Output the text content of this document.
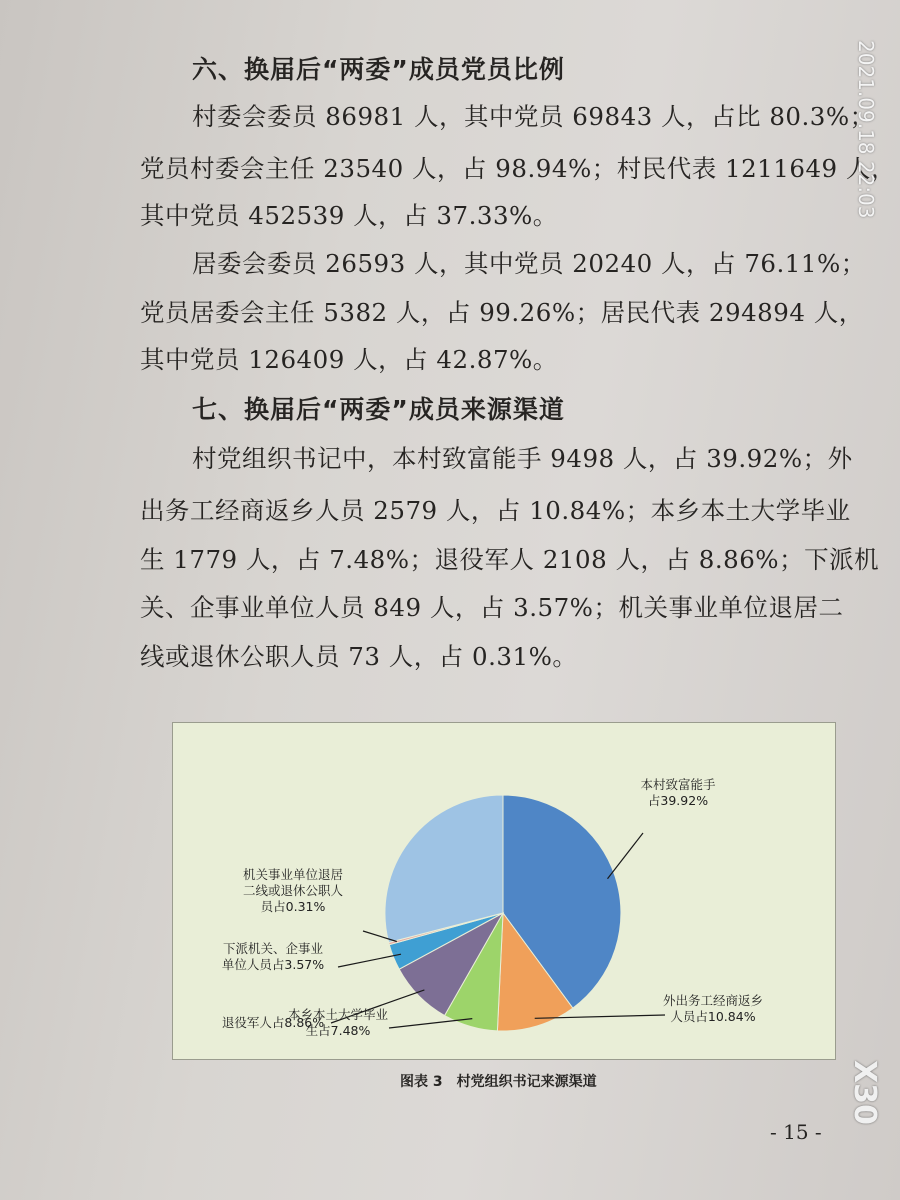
六、换届后“两委”成员党员比例
村委会委员 86981 人，其中党员 69843 人，占比 80.3%；
党员村委会主任 23540 人，占 98.94%；村民代表 1211649 人，
其中党员 452539 人，占 37.33%。
居委会委员 26593 人，其中党员 20240 人，占 76.11%；
党员居委会主任 5382 人，占 99.26%；居民代表 294894 人，
其中党员 126409 人，占 42.87%。
七、换届后“两委”成员来源渠道
村党组织书记中，本村致富能手 9498 人，占 39.92%；外
出务工经商返乡人员 2579 人，占 10.84%；本乡本土大学毕业
生 1779 人，占 7.48%；退役军人 2108 人，占 8.86%；下派机
关、企事业单位人员 849 人，占 3.57%；机关事业单位退居二
线或退休公职人员 73 人，占 0.31%。
本村致富能手占39.92%
外出务工经商返乡人员占10.84%
本乡本土大学毕业生占7.48%
退役军人占8.86%
下派机关、企事业单位人员占3.57%
机关事业单位退居二线或退休公职人员占0.31%
图表 3　村党组织书记来源渠道
- 15 -
2021.09.18 22:03
X30
